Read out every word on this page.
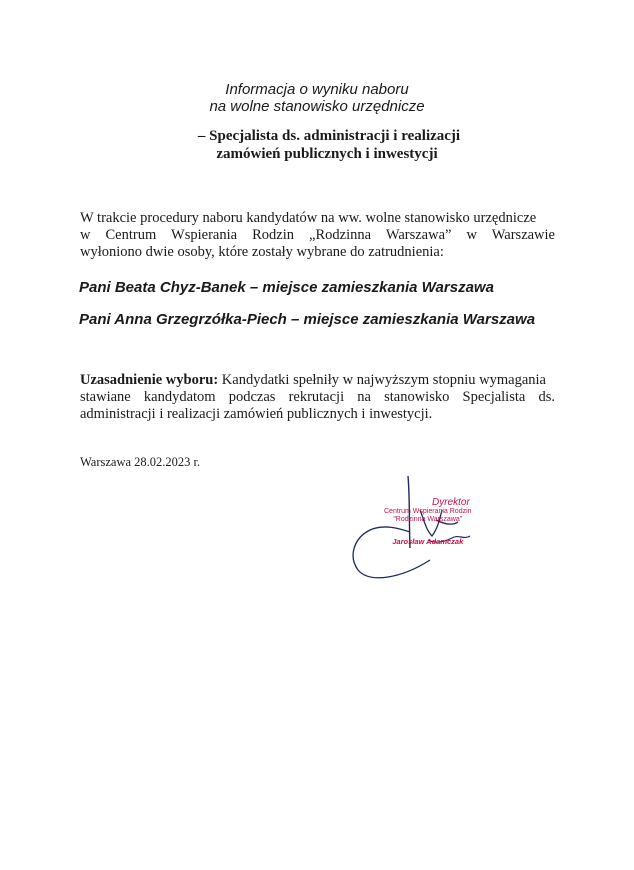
Informacja o wyniku naboru
na wolne stanowisko urzędnicze
– Specjalista ds. administracji i realizacji
zamówień publicznych i inwestycji
W trakcie procedury naboru kandydatów na ww. wolne stanowisko urzędnicze
w Centrum Wspierania Rodzin „Rodzinna Warszawa” w Warszawie
wyłoniono dwie osoby, które zostały wybrane do zatrudnienia:
Pani Beata Chyz-Banek – miejsce zamieszkania Warszawa
Pani Anna Grzegrzółka-Piech – miejsce zamieszkania Warszawa
Uzasadnienie wyboru: Kandydatki spełniły w najwyższym stopniu wymagania
stawiane kandydatom podczas rekrutacji na stanowisko Specjalista ds.
administracji i realizacji zamówień publicznych i inwestycji.
Warszawa 28.02.2023 r.
Dyrektor
Centrum Wspierania Rodzin
"Rodzinna Warszawa"
Jarosław Adamczak
